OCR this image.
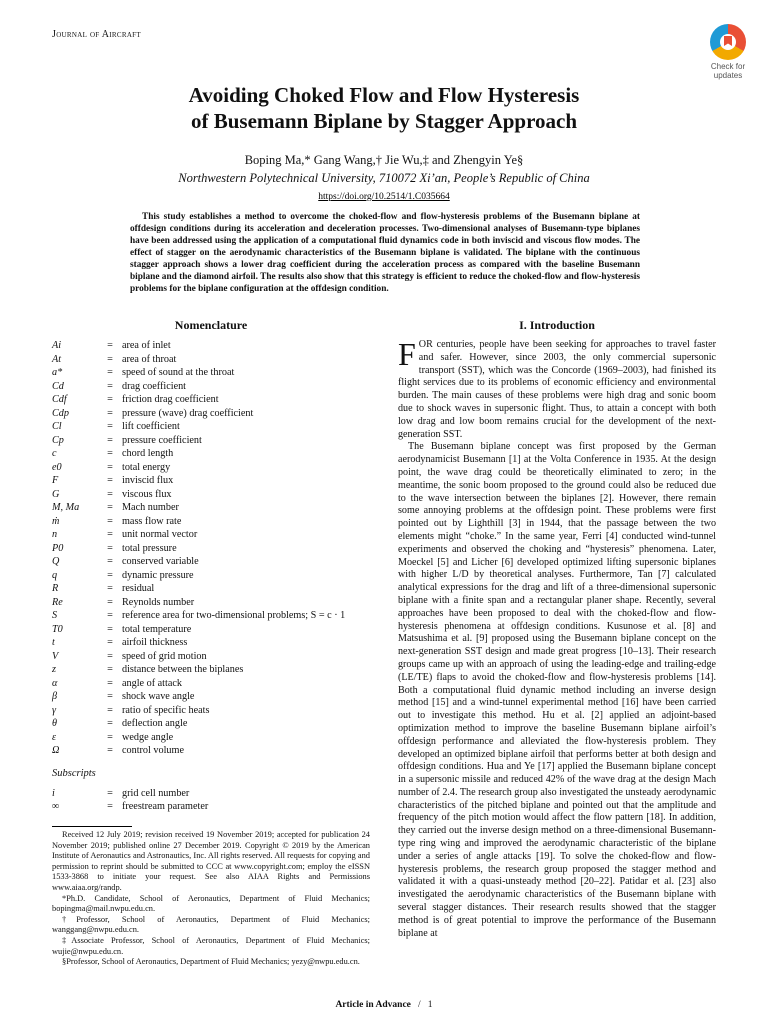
Journal of Aircraft
Check for
updates
Avoiding Choked Flow and Flow Hysteresis
of Busemann Biplane by Stagger Approach
Boping Ma,* Gang Wang,† Jie Wu,‡ and Zhengyin Ye§
Northwestern Polytechnical University, 710072 Xi’an, People’s Republic of China
https://doi.org/10.2514/1.C035664
This study establishes a method to overcome the choked-flow and flow-hysteresis problems of the Busemann biplane at offdesign conditions during its acceleration and deceleration processes. Two-dimensional analyses of Busemann-type biplanes have been addressed using the application of a computational fluid dynamics code in both inviscid and viscous flow modes. The effect of stagger on the aerodynamic characteristics of the Busemann biplane is validated. The biplane with the continuous stagger approach shows a lower drag coefficient during the acceleration process as compared with the baseline Busemann biplane and the diamond airfoil. The results also show that this strategy is efficient to reduce the choked-flow and flow-hysteresis problems for the biplane configuration at the offdesign condition.
Nomenclature
Ai	=	area of inlet
At	=	area of throat
a*	=	speed of sound at the throat
Cd	=	drag coefficient
Cdf	=	friction drag coefficient
Cdp	=	pressure (wave) drag coefficient
Cl	=	lift coefficient
Cp	=	pressure coefficient
c	=	chord length
e0	=	total energy
F	=	inviscid flux
G	=	viscous flux
M, Ma	=	Mach number
ṁ	=	mass flow rate
n	=	unit normal vector
P0	=	total pressure
Q	=	conserved variable
q	=	dynamic pressure
R	=	residual
Re	=	Reynolds number
S	=	reference area for two-dimensional problems; S = c · 1
T0	=	total temperature
t	=	airfoil thickness
V	=	speed of grid motion
z	=	distance between the biplanes
α	=	angle of attack
β	=	shock wave angle
γ	=	ratio of specific heats
θ	=	deflection angle
ε	=	wedge angle
Ω	=	control volume
Subscripts
i	=	grid cell number
∞	=	freestream parameter

Received 12 July 2019; revision received 19 November 2019; accepted for publication 24 November 2019; published online 27 December 2019. Copyright © 2019 by the American Institute of Aeronautics and Astronautics, Inc. All rights reserved. All requests for copying and permission to reprint should be submitted to CCC at www.copyright.com; employ the eISSN 1533-3868 to initiate your request. See also AIAA Rights and Permissions www.aiaa.org/randp.

*Ph.D. Candidate, School of Aeronautics, Department of Fluid Mechanics; bopingma@mail.nwpu.edu.cn.

†Professor, School of Aeronautics, Department of Fluid Mechanics; wanggang@nwpu.edu.cn.

‡Associate Professor, School of Aeronautics, Department of Fluid Mechanics; wujie@nwpu.edu.cn.

§Professor, School of Aeronautics, Department of Fluid Mechanics; yezy@nwpu.edu.cn.

I. Introduction

FOR centuries, people have been seeking for approaches to travel faster and safer. However, since 2003, the only commercial supersonic transport (SST), which was the Concorde (1969–2003), had finished its flight services due to its problems of economic efficiency and environmental burden. The main causes of these problems were high drag and sonic boom due to shock waves in supersonic flight. Thus, to attain a concept with both low drag and low boom remains crucial for the development of the next-generation SST.

The Busemann biplane concept was first proposed by the German aerodynamicist Busemann [1] at the Volta Conference in 1935. At the design point, the wave drag could be theoretically eliminated to zero; in the meantime, the sonic boom proposed to the ground could also be reduced due to the wave intersection between the biplanes [2]. However, there remain some annoying problems at the offdesign point. These problems were first pointed out by Lighthill [3] in 1944, that the passage between the two elements might “choke.” In the same year, Ferri [4] conducted wind-tunnel experiments and observed the choking and “hysteresis” phenomena. Later, Moeckel [5] and Licher [6] developed optimized lifting supersonic biplanes with higher L/D by theoretical analyses. Furthermore, Tan [7] calculated analytical expressions for the drag and lift of a three-dimensional supersonic biplane with a finite span and a rectangular planer shape. Recently, several approaches have been proposed to deal with the choked-flow and flow-hysteresis phenomena at offdesign conditions. Kusunose et al. [8] and Matsushima et al. [9] proposed using the Busemann biplane concept on the next-generation SST design and made great progress [10–13]. Their research groups came up with an approach of using the leading-edge and trailing-edge (LE/TE) flaps to avoid the choked-flow and flow-hysteresis problems [14]. Both a computational fluid dynamic method including an inverse design method [15] and a wind-tunnel experimental method [16] have been carried out to investigate this method. Hu et al. [2] applied an adjoint-based optimization method to improve the baseline Busemann biplane airfoil’s offdesign performance and alleviated the flow-hysteresis problem. They developed an optimized biplane airfoil that performs better at both design and offdesign conditions. Hua and Ye [17] applied the Busemann biplane concept in a supersonic missile and reduced 42% of the wave drag at the design Mach number of 2.4. The research group also investigated the unsteady aerodynamic characteristics of the pitched biplane and pointed out that the amplitude and frequency of the pitch motion would affect the flow pattern [18]. In addition, they carried out the inverse design method on a three-dimensional Busemann-type ring wing and improved the aerodynamic characteristic of the biplane under a series of angle attacks [19]. To solve the choked-flow and flow-hysteresis problems, the research group proposed the stagger method and validated it with a quasi-unsteady method [20–22]. Patidar et al. [23] also investigated the aerodynamic characteristics of the Busemann biplane with several stagger distances. Their research results showed that the stagger method is of great potential to improve the performance of the Busemann biplane at

Article in Advance / 1
